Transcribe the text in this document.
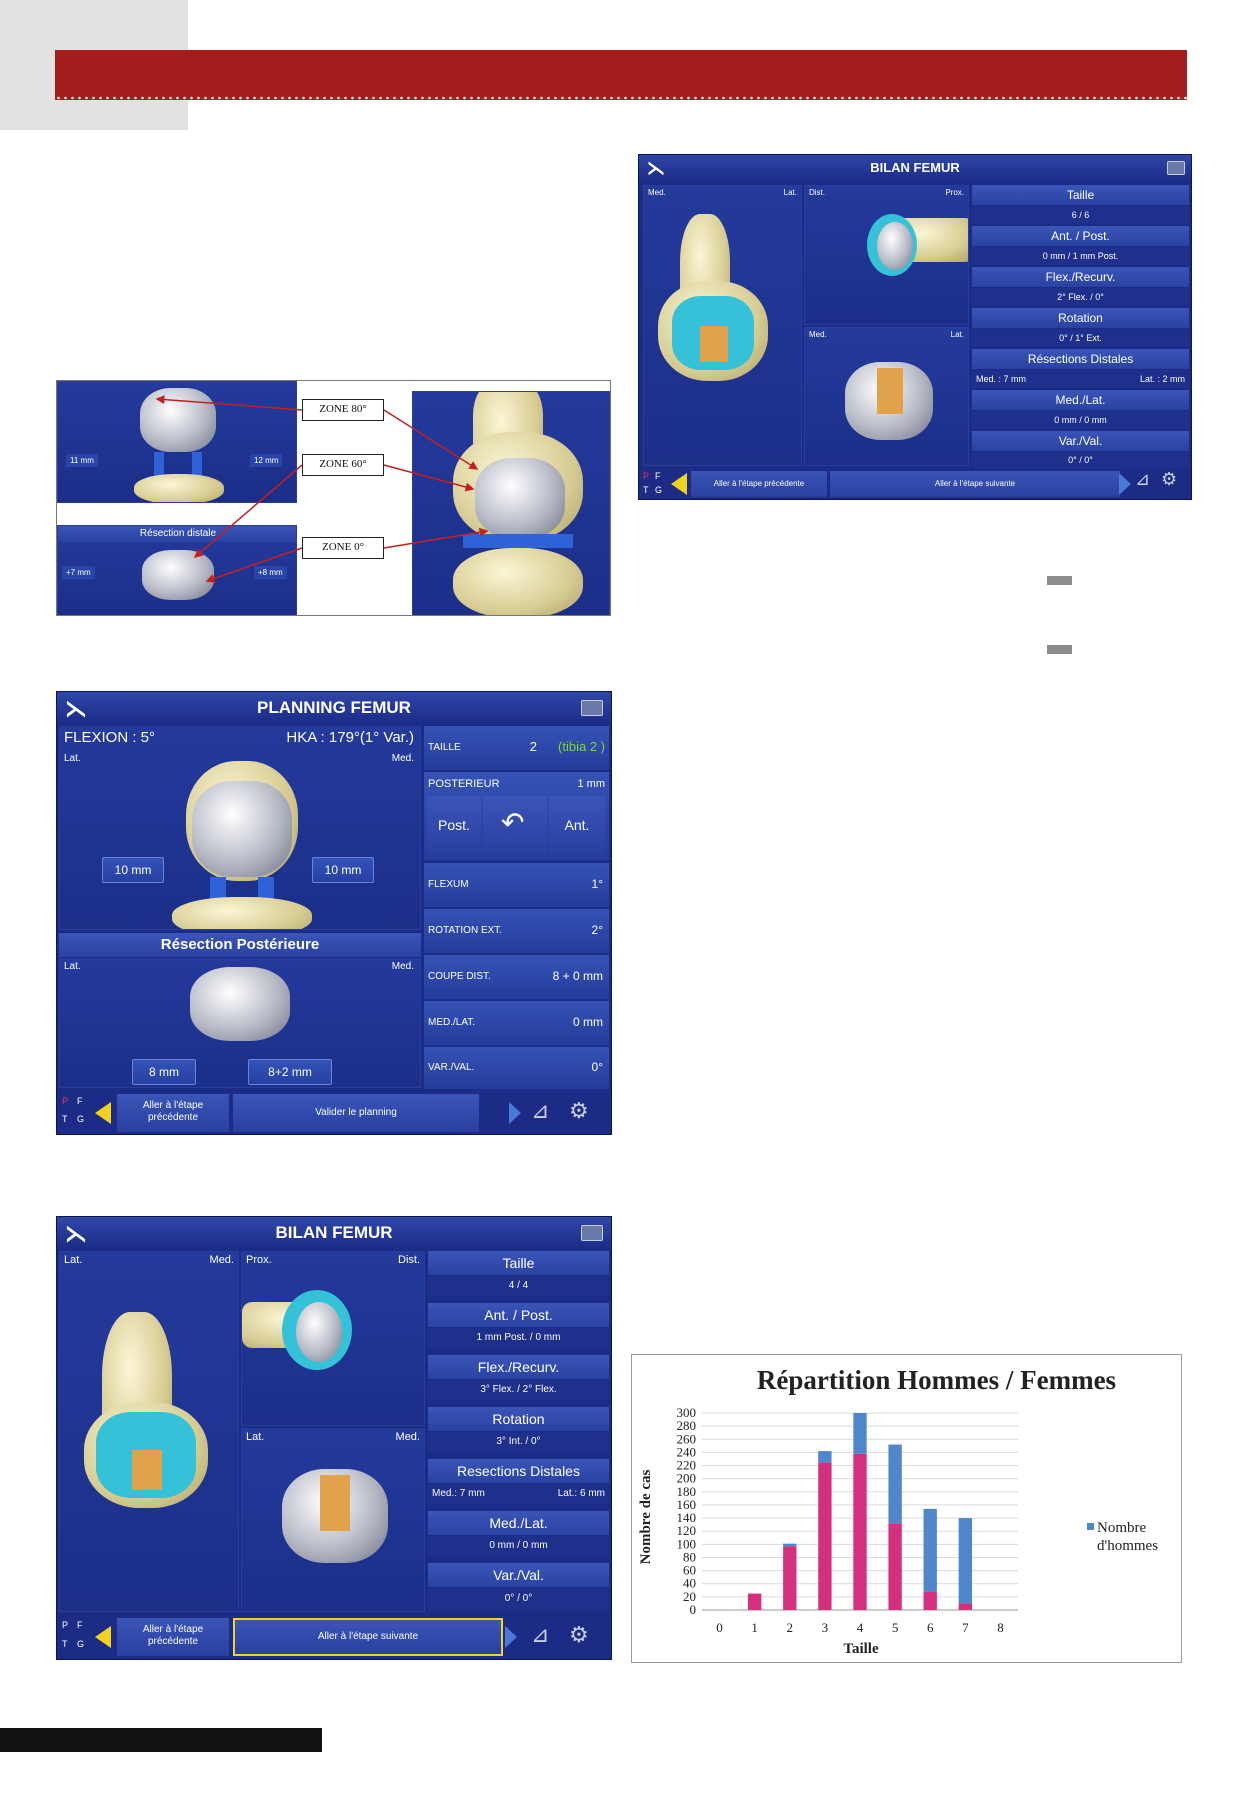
BILAN FEMUR
⋋
Med.	Lat. Dist.	Prox.
Med.	Lat.
Taille
6 / 6
Ant. / Post.
0 mm / 1 mm Post.
Flex./Recurv.
2° Flex. / 0°
Rotation
0° / 1° Ext.
Résections Distales
Med. : 7 mm	Lat. : 2 mm
Med./Lat.
0 mm / 0 mm
Var./Val.
0° / 0°
P F
T G
Aller à l'étape précédente	Aller à l'étape suivante	⊿ ⚙
11 mm	12 mm
Résection distale
+7 mm	+8 mm
ZONE 80°
ZONE 60°
ZONE 0°
PLANNING FEMUR
⋋
FLEXION : 5°	HKA : 179°(1° Var.)
Lat.	Med.
10 mm	10 mm
Résection Postérieure
Lat.	Med.
8 mm	8+2 mm
TAILLE	2 (tibia 2 )
POSTERIEUR	1 mm
Post.	↶	Ant.
FLEXUM	1°
ROTATION EXT.	2°
COUPE DIST.	8 + 0 mm
MED./LAT.	0 mm
VAR./VAL.	0°
P F
T G
Aller à l'étape
précédente	Valider le planning	⊿ ⚙
BILAN FEMUR
⋋
Lat.	Med. Prox.	Dist.
Lat.	Med.
Taille
4 / 4
Ant. / Post.
1 mm Post. / 0 mm
Flex./Recurv.
3° Flex. / 2° Flex.
Rotation
3° Int. / 0°
Resections Distales
Med.: 7 mm	Lat.: 6 mm
Med./Lat.
0 mm / 0 mm
Var./Val.
0° / 0°
P F
T G
Aller à l'étape
précédente	Aller à l'étape suivante	⊿ ⚙
Répartition Hommes / Femmes
0
20
40
60
80
100
120
140
160
180
200
220
240
260
280
300
0 1 2 3 4 5 6 7 8
Nombre de cas
Taille
Nombre
d'hommes
